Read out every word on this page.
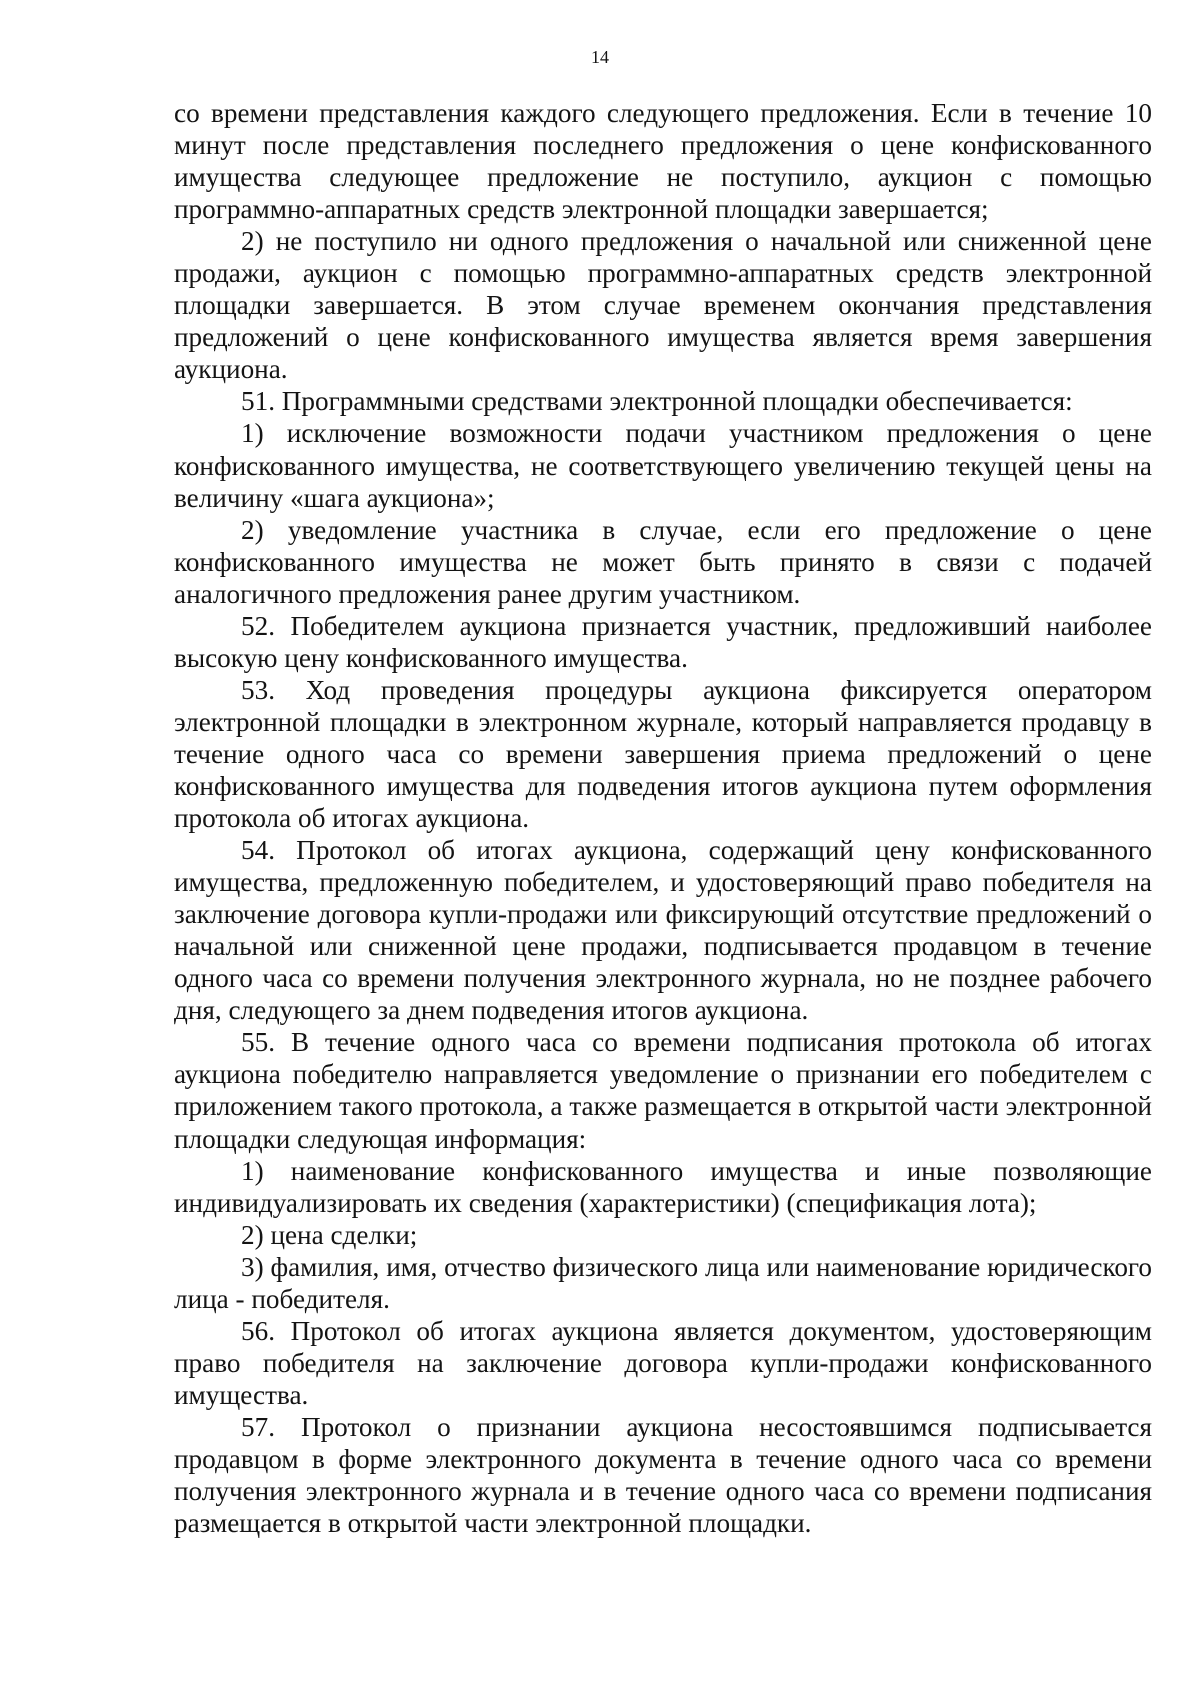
14

со времени представления каждого следующего предложения. Если в течение 10 минут после представления последнего предложения о цене конфискованного имущества следующее предложение не поступило, аукцион с помощью программно-аппаратных средств электронной площадки завершается;

2) не поступило ни одного предложения о начальной или сниженной цене продажи, аукцион с помощью программно-аппаратных средств электронной площадки завершается. В этом случае временем окончания представления предложений о цене конфискованного имущества является время завершения аукциона.

51. Программными средствами электронной площадки обеспечивается:

1) исключение возможности подачи участником предложения о цене конфискованного имущества, не соответствующего увеличению текущей цены на величину «шага аукциона»;

2) уведомление участника в случае, если его предложение о цене конфискованного имущества не может быть принято в связи с подачей аналогичного предложения ранее другим участником.

52. Победителем аукциона признается участник, предложивший наиболее высокую цену конфискованного имущества.

53. Ход проведения процедуры аукциона фиксируется оператором электронной площадки в электронном журнале, который направляется продавцу в течение одного часа со времени завершения приема предложений о цене конфискованного имущества для подведения итогов аукциона путем оформления протокола об итогах аукциона.

54. Протокол об итогах аукциона, содержащий цену конфискованного имущества, предложенную победителем, и удостоверяющий право победителя на заключение договора купли-продажи или фиксирующий отсутствие предложений о начальной или сниженной цене продажи, подписывается продавцом в течение одного часа со времени получения электронного журнала, но не позднее рабочего дня, следующего за днем подведения итогов аукциона.

55. В течение одного часа со времени подписания протокола об итогах аукциона победителю направляется уведомление о признании его победителем с приложением такого протокола, а также размещается в открытой части электронной площадки следующая информация:

1) наименование конфискованного имущества и иные позволяющие индивидуализировать их сведения (характеристики) (спецификация лота);

2) цена сделки;

3) фамилия, имя, отчество физического лица или наименование юридического лица - победителя.

56. Протокол об итогах аукциона является документом, удостоверяющим право победителя на заключение договора купли-продажи конфискованного имущества.

57. Протокол о признании аукциона несостоявшимся подписывается продавцом в форме электронного документа в течение одного часа со времени получения электронного журнала и в течение одного часа со времени подписания размещается в открытой части электронной площадки.
